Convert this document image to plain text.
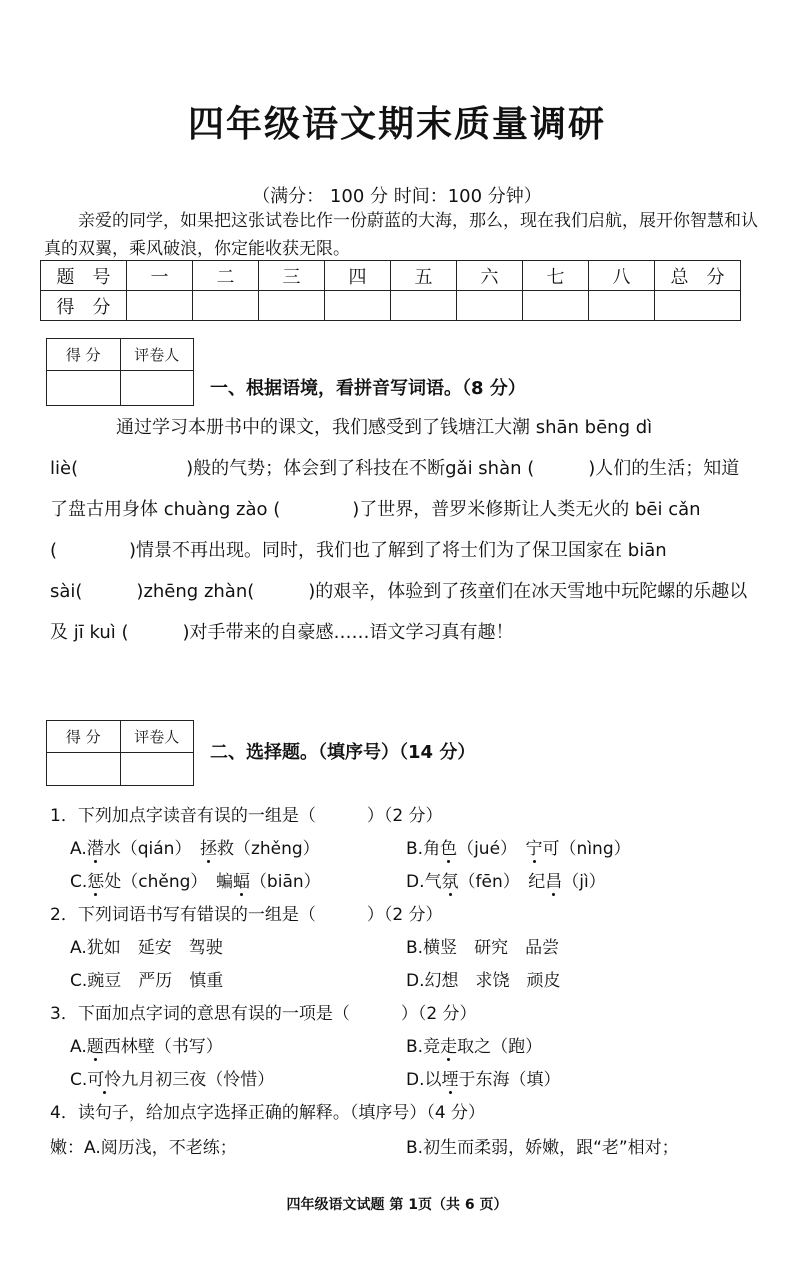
四年级语文期末质量调研
（满分： 100 分 时间：100 分钟）
亲爱的同学，如果把这张试卷比作一份蔚蓝的大海，那么，现在我们启航，展开你智慧和认真的双翼，乘风破浪，你定能收获无限。
题　号	一	二	三	四	五	六	七	八	总　分
得　分									
得 分	评卷人

一、根据语境，看拼音写词语。（8 分）
通过学习本册书中的课文，我们感受到了钱塘江大潮 shān bēng dì liè(　　　　　　)般的气势；体会到了科技在不断gǎi shàn (　　　)人们的生活；知道了盘古用身体 chuàng zào (　　　　)了世界，普罗米修斯让人类无火的 bēi cǎn (　　　　)情景不再出现。同时，我们也了解到了将士们为了保卫国家在 biān sài(　　　)zhēng zhàn(　　　)的艰辛，体验到了孩童们在冰天雪地中玩陀螺的乐趣以及 jī kuì (　　　)对手带来的自豪感……语文学习真有趣！
得 分	评卷人

二、选择题。（填序号）（14 分）
1．下列加点字读音有误的一组是（　　　）（2 分）
A.潜水（qián）　 拯救（zhěng）	B.角色（jué）　 宁可（nìng）
C.惩处（chěng）　 蝙蝠（biān）	D.气氛（fēn）　 纪昌（jì）
2．下列词语书写有错误的一组是（　　　）（2 分）
A.犹如　延安　驾驶	B.横竖　研究　品尝
C.豌豆　严历　慎重	D.幻想　求饶　顽皮
3．下面加点字词的意思有误的一项是（　　　）（2 分）
A.题西林壁（书写）	B.竞走取之（跑）
C.可怜九月初三夜（怜惜）	D.以堙于东海（填）
4．读句子，给加点字选择正确的解释。（填序号）（4 分）
嫩：A.阅历浅，不老练；	B.初生而柔弱，娇嫩，跟“老”相对；
四年级语文试题 第 1页（共 6 页）
